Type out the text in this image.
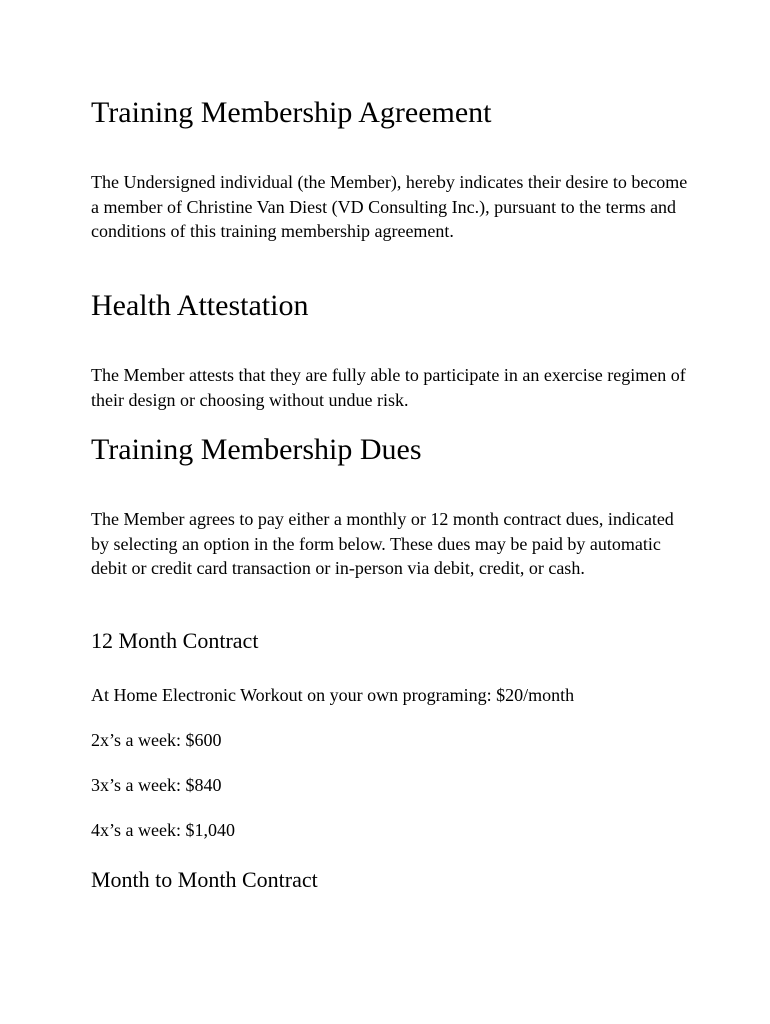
Training Membership Agreement

The Undersigned individual (the Member), hereby indicates their desire to become a member of Christine Van Diest (VD Consulting Inc.), pursuant to the terms and conditions of this training membership agreement.

Health Attestation

The Member attests that they are fully able to participate in an exercise regimen of their design or choosing without undue risk.

Training Membership Dues

The Member agrees to pay either a monthly or 12 month contract dues, indicated by selecting an option in the form below. These dues may be paid by automatic debit or credit card transaction or in-person via debit, credit, or cash.

12 Month Contract

At Home Electronic Workout on your own programing: $20/month

2x’s a week: $600

3x’s a week: $840

4x’s a week: $1,040

Month to Month Contract
